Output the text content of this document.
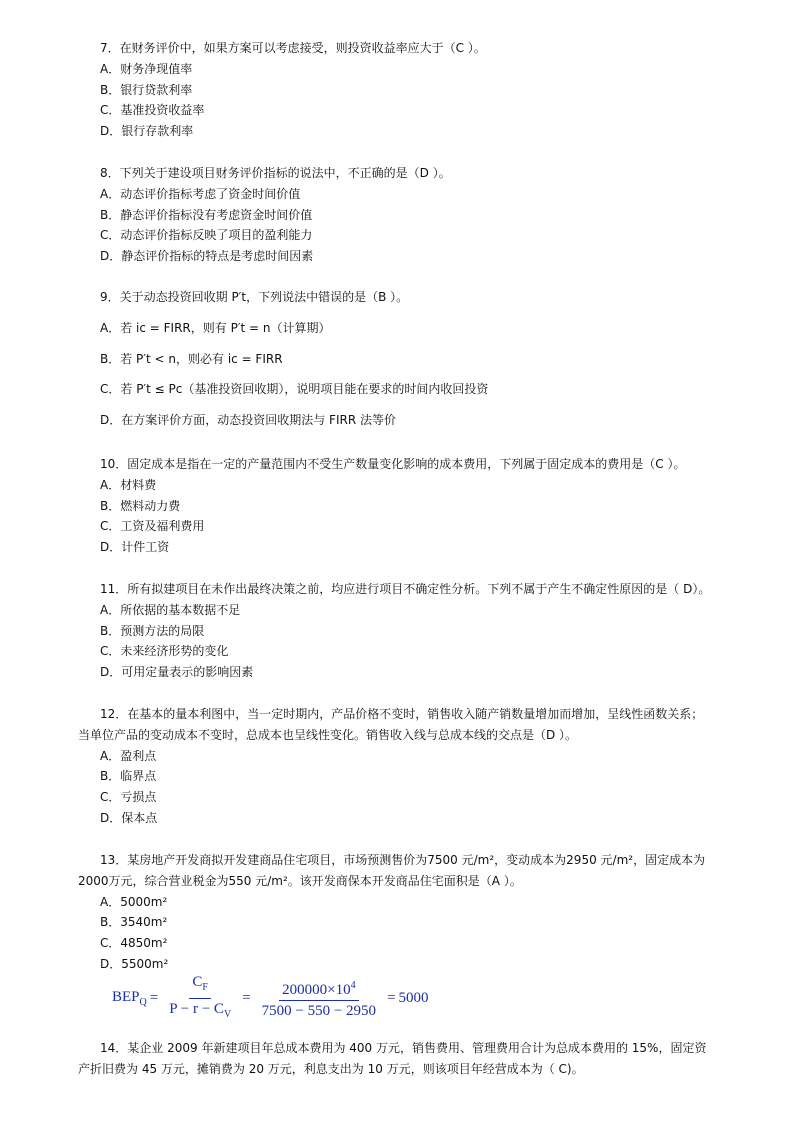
7．在财务评价中，如果方案可以考虑接受，则投资收益率应大于（C ）。
A．财务净现值率
B．银行贷款利率
C．基准投资收益率
D．银行存款利率
8．下列关于建设项目财务评价指标的说法中，不正确的是（D ）。
A．动态评价指标考虑了资金时间价值
B．静态评价指标没有考虑资金时间价值
C．动态评价指标反映了项目的盈利能力
D．静态评价指标的特点是考虑时间因素
9．关于动态投资回收期 P′t，下列说法中错误的是（B ）。
A．若 ic = FIRR，则有 P′t = n（计算期）
B．若 P′t < n，则必有 ic = FIRR
C．若 P′t ≤ Pc（基准投资回收期），说明项目能在要求的时间内收回投资
D．在方案评价方面，动态投资回收期法与 FIRR 法等价
10．固定成本是指在一定的产量范围内不受生产数量变化影响的成本费用，下列属于固定成本的费用是（C ）。
A．材料费
B．燃料动力费
C．工资及福利费用
D．计件工资
11．所有拟建项目在未作出最终决策之前，均应进行项目不确定性分析。下列不属于产生不确定性原因的是（ D）。
A．所依据的基本数据不足
B．预测方法的局限
C．未来经济形势的变化
D．可用定量表示的影响因素
12．在基本的量本利图中，当一定时期内，产品价格不变时，销售收入随产销数量增加而增加，呈线性函数关系；当单位产品的变动成本不变时，总成本也呈线性变化。销售收入线与总成本线的交点是（D ）。
A．盈利点
B．临界点
C．亏损点
D．保本点
13．某房地产开发商拟开发建商品住宅项目，市场预测售价为7500 元/m²，变动成本为2950 元/m²，固定成本为2000万元，综合营业税金为550 元/m²。该开发商保本开发商品住宅面积是（A ）。
A．5000m²
B．3540m²
C．4850m²
D．5500m²
$BEP_Q = \frac{C_F}{P - r - C_V} = \frac{200000\times 10^4}{7500 - 550 - 2950} = 5000$
14．某企业 2009 年新建项目年总成本费用为 400 万元，销售费用、管理费用合计为总成本费用的 15%，固定资产折旧费为 45 万元，摊销费为 20 万元，利息支出为 10 万元，则该项目年经营成本为（ C)。
